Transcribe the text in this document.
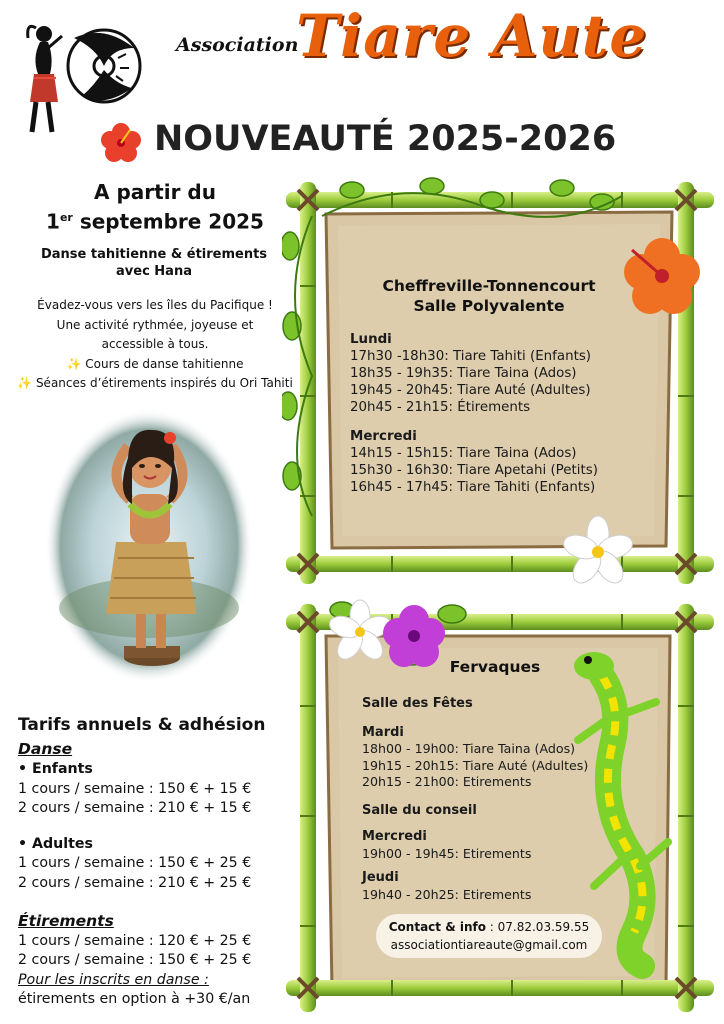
Association
Tiare Aute
NOUVEAUTÉ 2025-2026
A partir du
1er septembre 2025
Danse tahitienne & étirements
avec Hana
Évadez-vous vers les îles du Pacifique !
Une activité rythmée, joyeuse et
accessible à tous.
✨ Cours de danse tahitienne
✨ Séances d’étirements inspirés du Ori Tahiti
Tarifs annuels & adhésion
Danse
• Enfants
1 cours / semaine : 150 € + 15 €
2 cours / semaine : 210 € + 15 €
• Adultes
1 cours / semaine : 150 € + 25 €
2 cours / semaine : 210 € + 25 €
Étirements
1 cours / semaine : 120 € + 25 €
2 cours / semaine : 150 € + 25 €
Pour les inscrits en danse :
étirements en option à +30 €/an
Cheffreville-Tonnencourt
Salle Polyvalente
Lundi
17h30 -18h30: Tiare Tahiti (Enfants)
18h35 - 19h35: Tiare Taina (Ados)
19h45 - 20h45: Tiare Auté (Adultes)
20h45 - 21h15: Étirements
Mercredi
14h15 - 15h15: Tiare Taina (Ados)
15h30 - 16h30: Tiare Apetahi (Petits)
16h45 - 17h45: Tiare Tahiti (Enfants)
Fervaques
Salle des Fêtes
Mardi
18h00 - 19h00: Tiare Taina (Ados)
19h15 - 20h15: Tiare Auté (Adultes)
20h15 - 21h00: Etirements
Salle du conseil
Mercredi
19h00 - 19h45: Etirements
Jeudi
19h40 - 20h25: Etirements
Contact & info : 07.82.03.59.55
associationtiareaute@gmail.com
